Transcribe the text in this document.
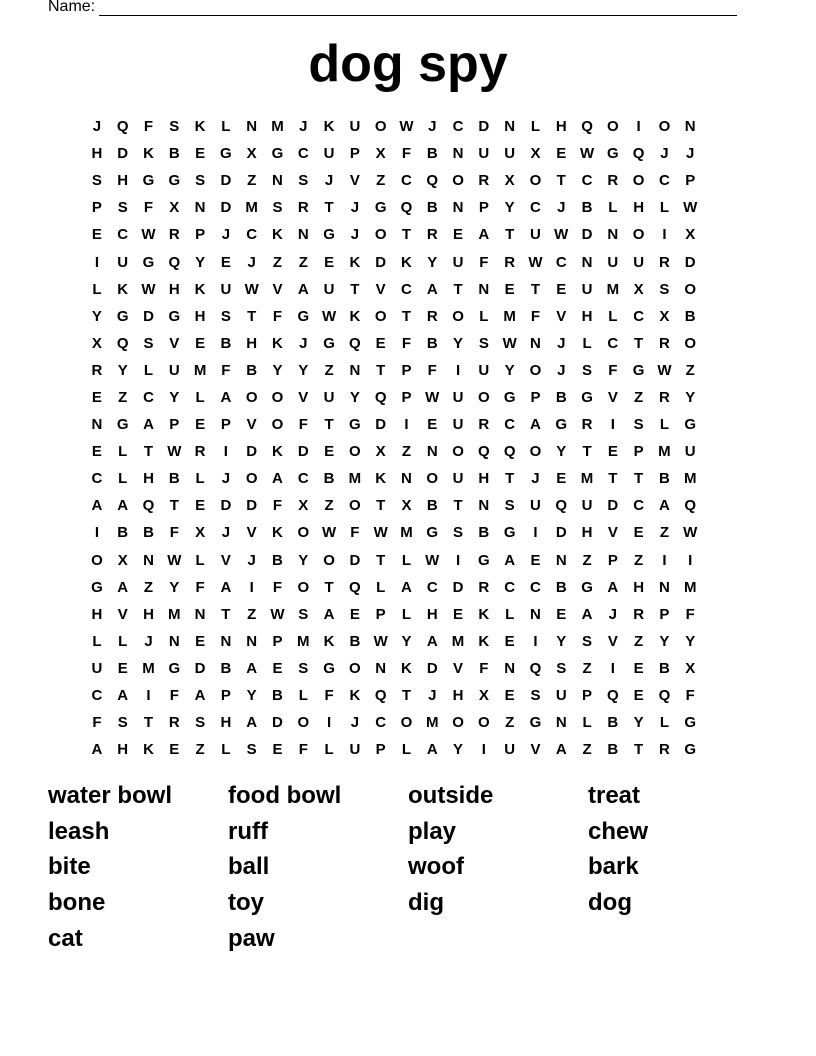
Name:
dog spy
J	Q	F	S	K	L	N M	J	K U O W J	C D N	L	H Q O	I	O N
H D K B	E G X G C U	P	X	F	B N U U	X	E W G Q	J	J
S	H G G S	D	Z	N	S	J	V	Z	C Q O R	X O	T	C R O C	P
P	S	F	X	N D M S	R	T	J	G Q B N	P	Y	C	J	B	L	H	L W
E	C W R	P	J	C K N G	J	O	T	R	E	A	T	U W D N O	I	X
I	U G Q Y	E	J	Z	Z	E	K D K	Y	U	F	R W C N U U R D
L	K W H K U W V	A U	T	V	C A	T	N	E	T	E	U M X	S O
Y G D G H	S	T	F	G W K O	T	R O	L M F	V	H	L	C	X	B
X Q S	V	E	B H K	J	G Q E	F	B	Y	S W N	J	L	C	T	R O
R	Y	L	U M F	B	Y	Y	Z	N	T	P	F	I	U	Y O	J	S	F	G W Z
E	Z	C	Y	L	A O O V	U	Y Q P W U O G P	B G V	Z	R	Y
N G A	P	E	P	V O	F	T	G D	I	E	U R C A G R	I	S	L	G
E	L	T W R	I	D K D	E O X	Z	N O Q Q O Y	T	E	P M U
C	L	H B	L	J	O A C B M K N O U H	T	J	E M T	T	B M
A A Q	T	E	D D	F	X	Z	O	T	X	B	T	N	S	U Q U D C A Q
I	B B	F	X	J	V	K O W F W M G S	B G	I	D H	V	E	Z W
O X	N W L	V	J	B	Y O D	T	L W	I	G A	E	N	Z	P	Z	I	I
G A	Z	Y	F	A	I	F	O	T	Q	L	A C D R C C B G A H N M
H	V	H M N	T	Z W S	A	E	P	L	H	E	K	L	N	E	A	J	R	P	F
L	L	J	N	E	N N	P M K B W Y	A M K	E	I	Y	S	V	Z	Y	Y
U	E M G D B A	E	S G O N K D	V	F	N Q S	Z	I	E	B	X
C A	I	F	A	P	Y	B	L	F	K Q	T	J	H	X	E	S	U	P Q E Q	F
F	S	T	R	S	H A D O	I	J	C O M O O	Z	G N	L	B	Y	L	G
A H K	E	Z	L	S	E	F	L	U	P	L	A	Y	I	U	V	A	Z	B	T	R G
water bowl	food bowl	outside	treat
leash	ruff	play	chew
bite	ball	woof	bark
bone	toy	dig	dog
cat	paw
